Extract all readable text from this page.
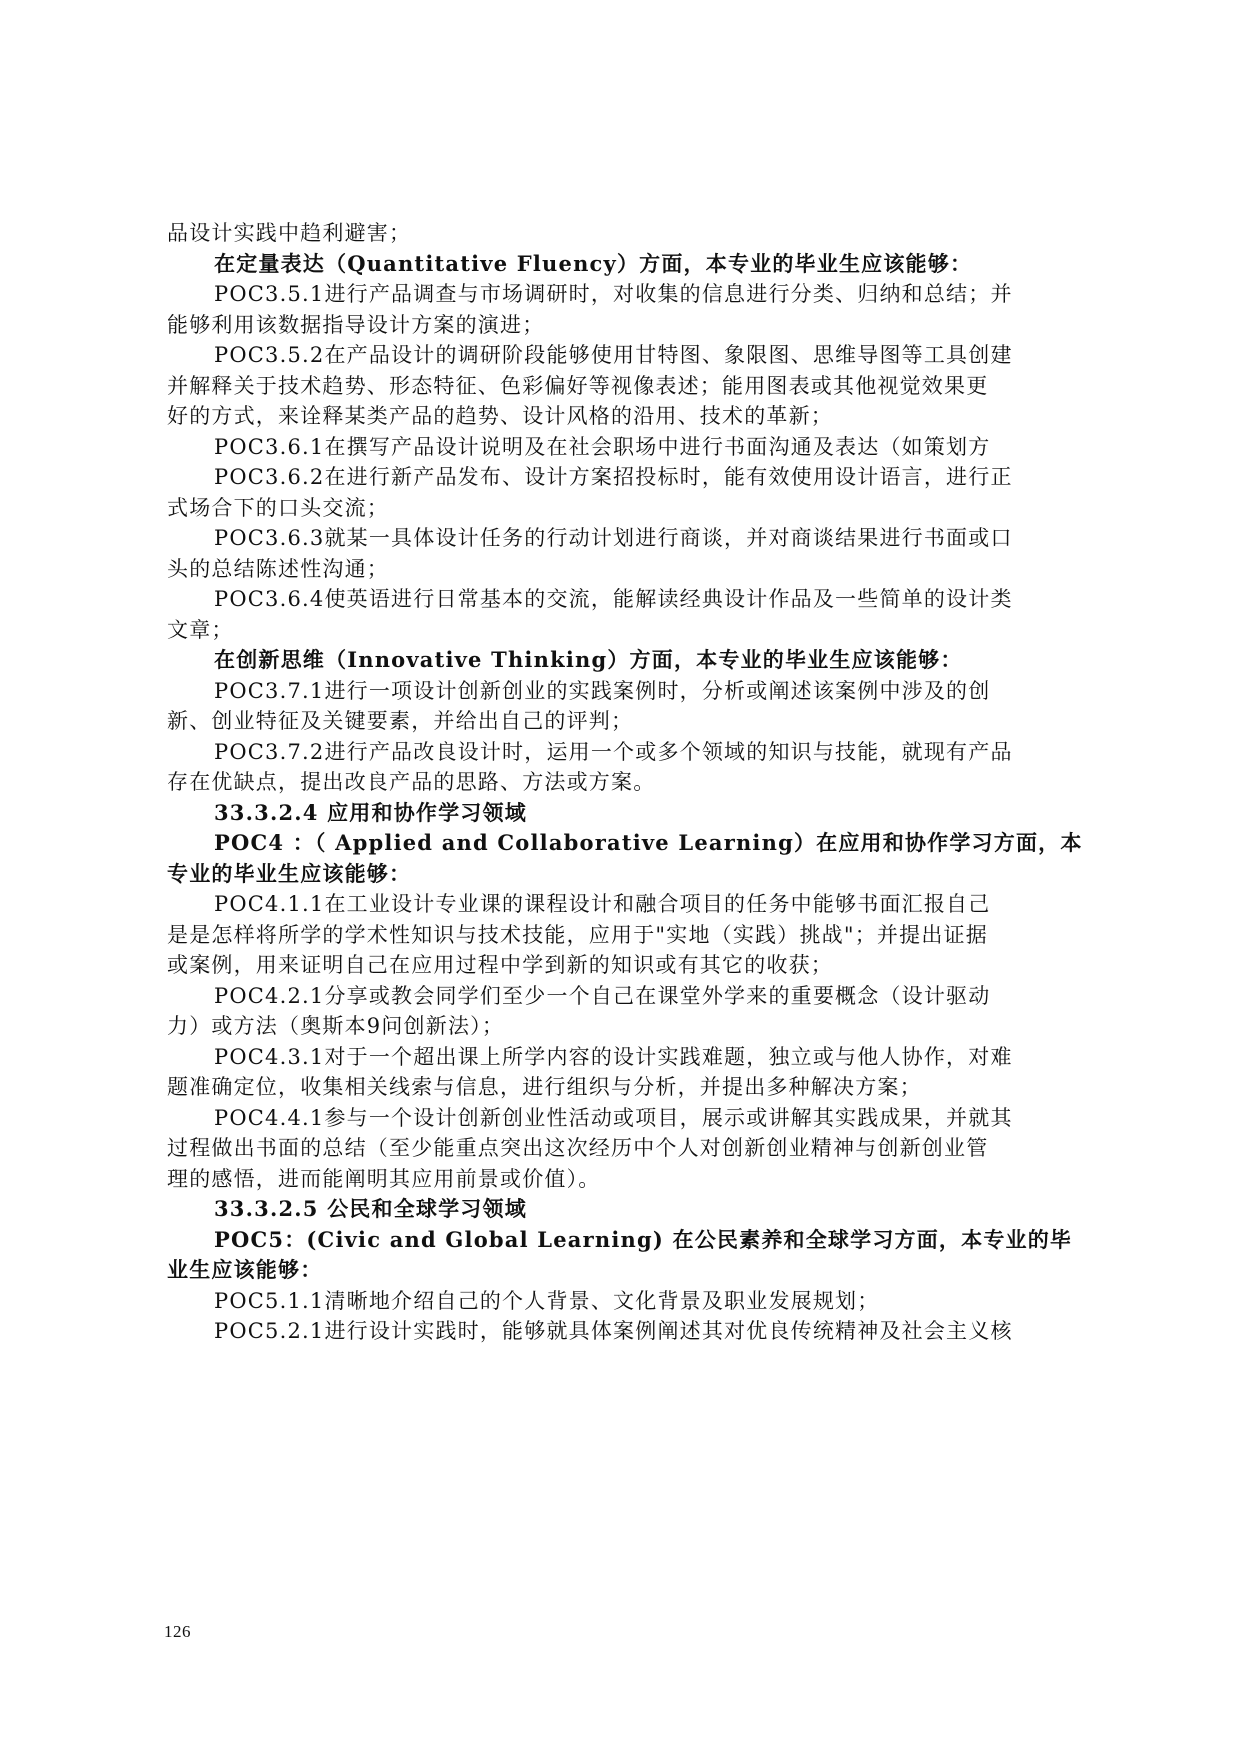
品设计实践中趋利避害；
在定量表达（Quantitative Fluency）方面，本专业的毕业生应该能够：
POC3.5.1进行产品调查与市场调研时，对收集的信息进行分类、归纳和总结；并
能够利用该数据指导设计方案的演进；
POC3.5.2在产品设计的调研阶段能够使用甘特图、象限图、思维导图等工具创建
并解释关于技术趋势、形态特征、色彩偏好等视像表述；能用图表或其他视觉效果更
好的方式，来诠释某类产品的趋势、设计风格的沿用、技术的革新；
POC3.6.1在撰写产品设计说明及在社会职场中进行书面沟通及表达（如策划方
POC3.6.2在进行新产品发布、设计方案招投标时，能有效使用设计语言，进行正
式场合下的口头交流；
POC3.6.3就某一具体设计任务的行动计划进行商谈，并对商谈结果进行书面或口
头的总结陈述性沟通；
POC3.6.4使英语进行日常基本的交流，能解读经典设计作品及一些简单的设计类
文章；
在创新思维（Innovative Thinking）方面，本专业的毕业生应该能够：
POC3.7.1进行一项设计创新创业的实践案例时，分析或阐述该案例中涉及的创
新、创业特征及关键要素，并给出自己的评判；
POC3.7.2进行产品改良设计时，运用一个或多个领域的知识与技能，就现有产品
存在优缺点，提出改良产品的思路、方法或方案。
33.3.2.4 应用和协作学习领域
POC4 ：（ Applied and Collaborative Learning）在应用和协作学习方面，本
专业的毕业生应该能够：
POC4.1.1在工业设计专业课的课程设计和融合项目的任务中能够书面汇报自己
是是怎样将所学的学术性知识与技术技能，应用于"实地（实践）挑战"；并提出证据
或案例，用来证明自己在应用过程中学到新的知识或有其它的收获；
POC4.2.1分享或教会同学们至少一个自己在课堂外学来的重要概念（设计驱动
力）或方法（奥斯本9问创新法）；
POC4.3.1对于一个超出课上所学内容的设计实践难题，独立或与他人协作，对难
题准确定位，收集相关线索与信息，进行组织与分析，并提出多种解决方案；
POC4.4.1参与一个设计创新创业性活动或项目，展示或讲解其实践成果，并就其
过程做出书面的总结（至少能重点突出这次经历中个人对创新创业精神与创新创业管
理的感悟，进而能阐明其应用前景或价值）。
33.3.2.5 公民和全球学习领域
POC5：(Civic and Global Learning) 在公民素养和全球学习方面，本专业的毕
业生应该能够：
POC5.1.1清晰地介绍自己的个人背景、文化背景及职业发展规划；
POC5.2.1进行设计实践时，能够就具体案例阐述其对优良传统精神及社会主义核
126
